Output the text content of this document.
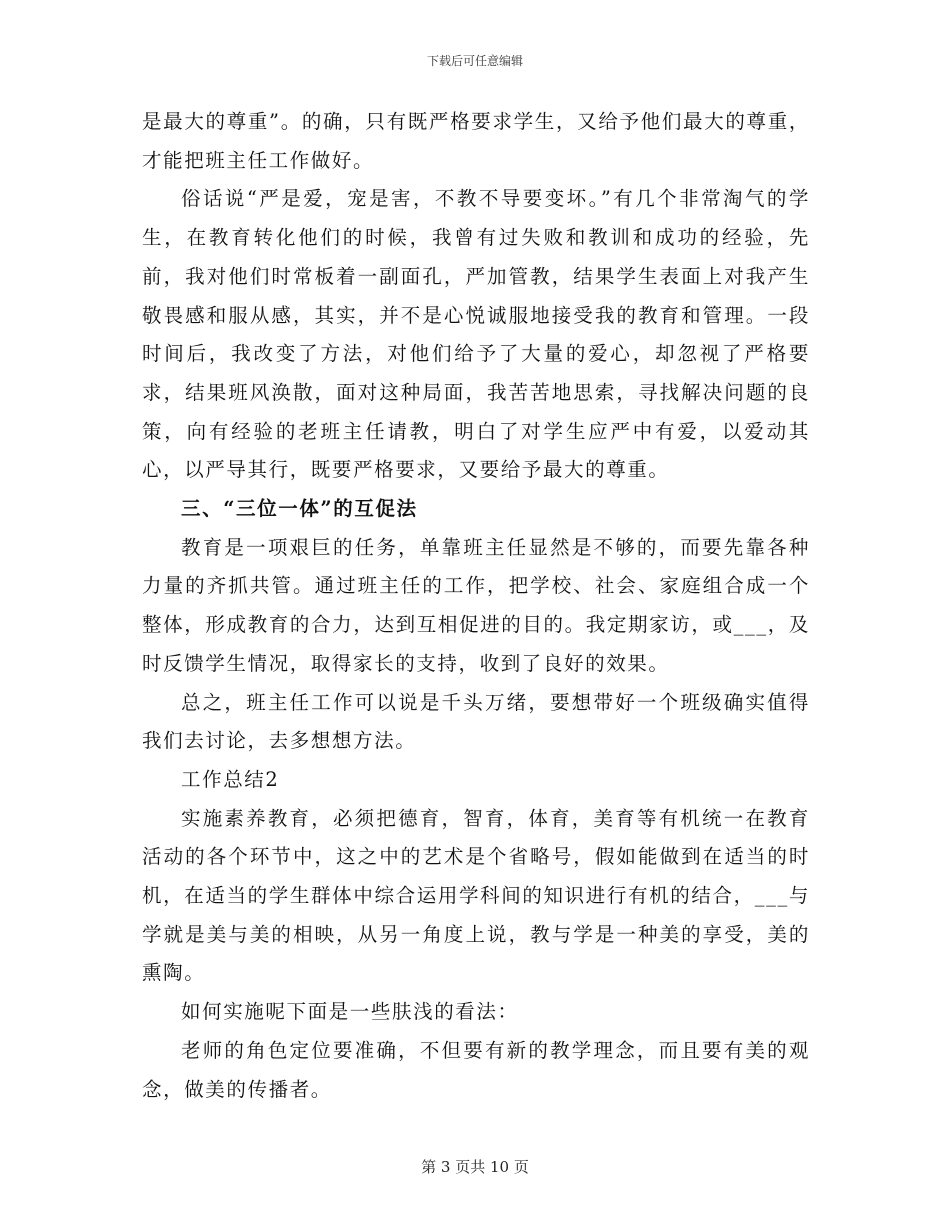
下载后可任意编辑

是最大的尊重”。的确，只有既严格要求学生，又给予他们最大的尊重，才能把班主任工作做好。

俗话说“严是爱，宠是害，不教不导要变坏。”有几个非常淘气的学生，在教育转化他们的时候，我曾有过失败和教训和成功的经验，先前，我对他们时常板着一副面孔，严加管教，结果学生表面上对我产生敬畏感和服从感，其实，并不是心悦诚服地接受我的教育和管理。一段时间后，我改变了方法，对他们给予了大量的爱心，却忽视了严格要求，结果班风涣散，面对这种局面，我苦苦地思索，寻找解决问题的良策，向有经验的老班主任请教，明白了对学生应严中有爱，以爱动其心，以严导其行，既要严格要求，又要给予最大的尊重。

三、“三位一体”的互促法

教育是一项艰巨的任务，单靠班主任显然是不够的，而要先靠各种力量的齐抓共管。通过班主任的工作，把学校、社会、家庭组合成一个整体，形成教育的合力，达到互相促进的目的。我定期家访，或___，及时反馈学生情况，取得家长的支持，收到了良好的效果。

总之，班主任工作可以说是千头万绪，要想带好一个班级确实值得我们去讨论，去多想想方法。

工作总结2

实施素养教育，必须把德育，智育，体育，美育等有机统一在教育活动的各个环节中，这之中的艺术是个省略号，假如能做到在适当的时机，在适当的学生群体中综合运用学科间的知识进行有机的结合，___与学就是美与美的相映，从另一角度上说，教与学是一种美的享受，美的熏陶。

如何实施呢下面是一些肤浅的看法：

老师的角色定位要准确，不但要有新的教学理念，而且要有美的观念，做美的传播者。

第 3 页共 10 页
